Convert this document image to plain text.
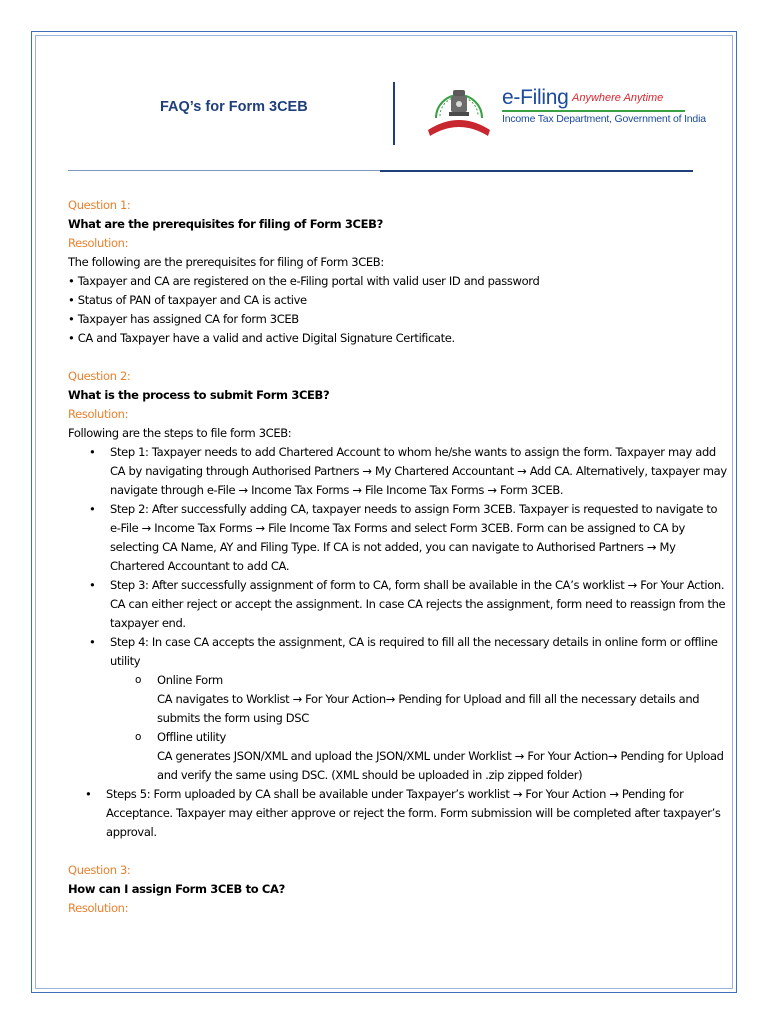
FAQ’s for Form 3CEB	e-Filing Anywhere Anytime
Income Tax Department, Government of India
Question 1:
What are the prerequisites for filing of Form 3CEB?
Resolution:
The following are the prerequisites for filing of Form 3CEB:
• Taxpayer and CA are registered on the e-Filing portal with valid user ID and password
• Status of PAN of taxpayer and CA is active
• Taxpayer has assigned CA for form 3CEB
• CA and Taxpayer have a valid and active Digital Signature Certificate.
Question 2:
What is the process to submit Form 3CEB?
Resolution:
Following are the steps to file form 3CEB:
• Step 1: Taxpayer needs to add Chartered Account to whom he/she wants to assign the form. Taxpayer may add CA by navigating through Authorised Partners → My Chartered Accountant → Add CA. Alternatively, taxpayer may navigate through e-File → Income Tax Forms → File Income Tax Forms → Form 3CEB.
• Step 2: After successfully adding CA, taxpayer needs to assign Form 3CEB. Taxpayer is requested to navigate to e-File → Income Tax Forms → File Income Tax Forms and select Form 3CEB. Form can be assigned to CA by selecting CA Name, AY and Filing Type. If CA is not added, you can navigate to Authorised Partners → My Chartered Accountant to add CA.
• Step 3: After successfully assignment of form to CA, form shall be available in the CA’s worklist → For Your Action. CA can either reject or accept the assignment. In case CA rejects the assignment, form need to reassign from the taxpayer end.
• Step 4: In case CA accepts the assignment, CA is required to fill all the necessary details in online form or offline utility
o Online Form
CA navigates to Worklist → For Your Action→ Pending for Upload and fill all the necessary details and submits the form using DSC
o Offline utility
CA generates JSON/XML and upload the JSON/XML under Worklist → For Your Action→ Pending for Upload and verify the same using DSC. (XML should be uploaded in .zip zipped folder)
• Steps 5: Form uploaded by CA shall be available under Taxpayer’s worklist → For Your Action → Pending for Acceptance. Taxpayer may either approve or reject the form. Form submission will be completed after taxpayer’s approval.
Question 3:
How can I assign Form 3CEB to CA?
Resolution:
